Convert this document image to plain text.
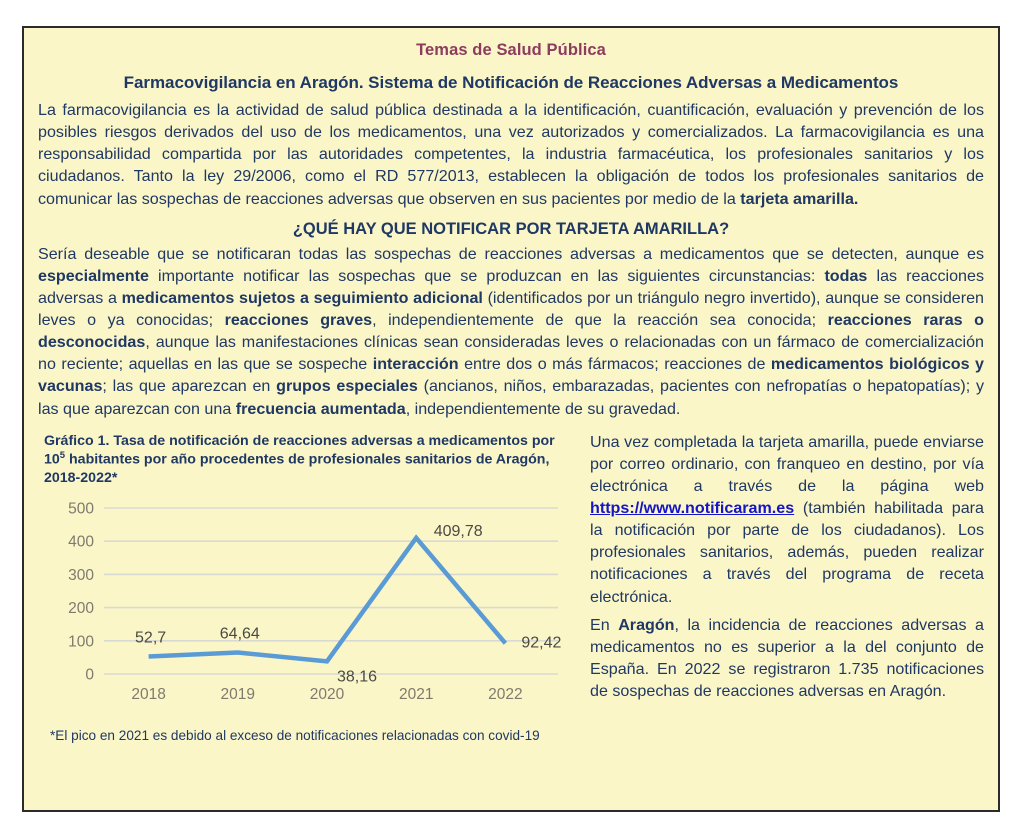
Temas de Salud Pública
Farmacovigilancia en Aragón. Sistema de Notificación de Reacciones Adversas a Medicamentos

La farmacovigilancia es la actividad de salud pública destinada a la identificación, cuantificación, evaluación y prevención de los posibles riesgos derivados del uso de los medicamentos, una vez autorizados y comercializados. La farmacovigilancia es una responsabilidad compartida por las autoridades competentes, la industria farmacéutica, los profesionales sanitarios y los ciudadanos. Tanto la ley 29/2006, como el RD 577/2013, establecen la obligación de todos los profesionales sanitarios de comunicar las sospechas de reacciones adversas que observen en sus pacientes por medio de la tarjeta amarilla.

¿QUÉ HAY QUE NOTIFICAR POR TARJETA AMARILLA?

Sería deseable que se notificaran todas las sospechas de reacciones adversas a medicamentos que se detecten, aunque es especialmente importante notificar las sospechas que se produzcan en las siguientes circunstancias: todas las reacciones adversas a medicamentos sujetos a seguimiento adicional (identificados por un triángulo negro invertido), aunque se consideren leves o ya conocidas; reacciones graves, independientemente de que la reacción sea conocida; reacciones raras o desconocidas, aunque las manifestaciones clínicas sean consideradas leves o relacionadas con un fármaco de comercialización no reciente; aquellas en las que se sospeche interacción entre dos o más fármacos; reacciones de medicamentos biológicos y vacunas; las que aparezcan en grupos especiales (ancianos, niños, embarazadas, pacientes con nefropatías o hepatopatías); y las que aparezcan con una frecuencia aumentada, independientemente de su gravedad.

Gráfico 1. Tasa de notificación de reacciones adversas a medicamentos por $10^5$ habitantes por año procedentes de profesionales sanitarios de Aragón, 2018-2022*
0
100
200
300
400
500
2018	2019	2020	2021	2022
52,7	64,64
38,16
409,78
92,42
*El pico en 2021 es debido al exceso de notificaciones relacionadas con covid-19

Una vez completada la tarjeta amarilla, puede enviarse por correo ordinario, con franqueo en destino, por vía electrónica a través de la página web https://www.notificaram.es (también habilitada para la notificación por parte de los ciudadanos). Los profesionales sanitarios, además, pueden realizar notificaciones a través del programa de receta electrónica.

En Aragón, la incidencia de reacciones adversas a medicamentos no es superior a la del conjunto de España. En 2022 se registraron 1.735 notificaciones de sospechas de reacciones adversas en Aragón.
